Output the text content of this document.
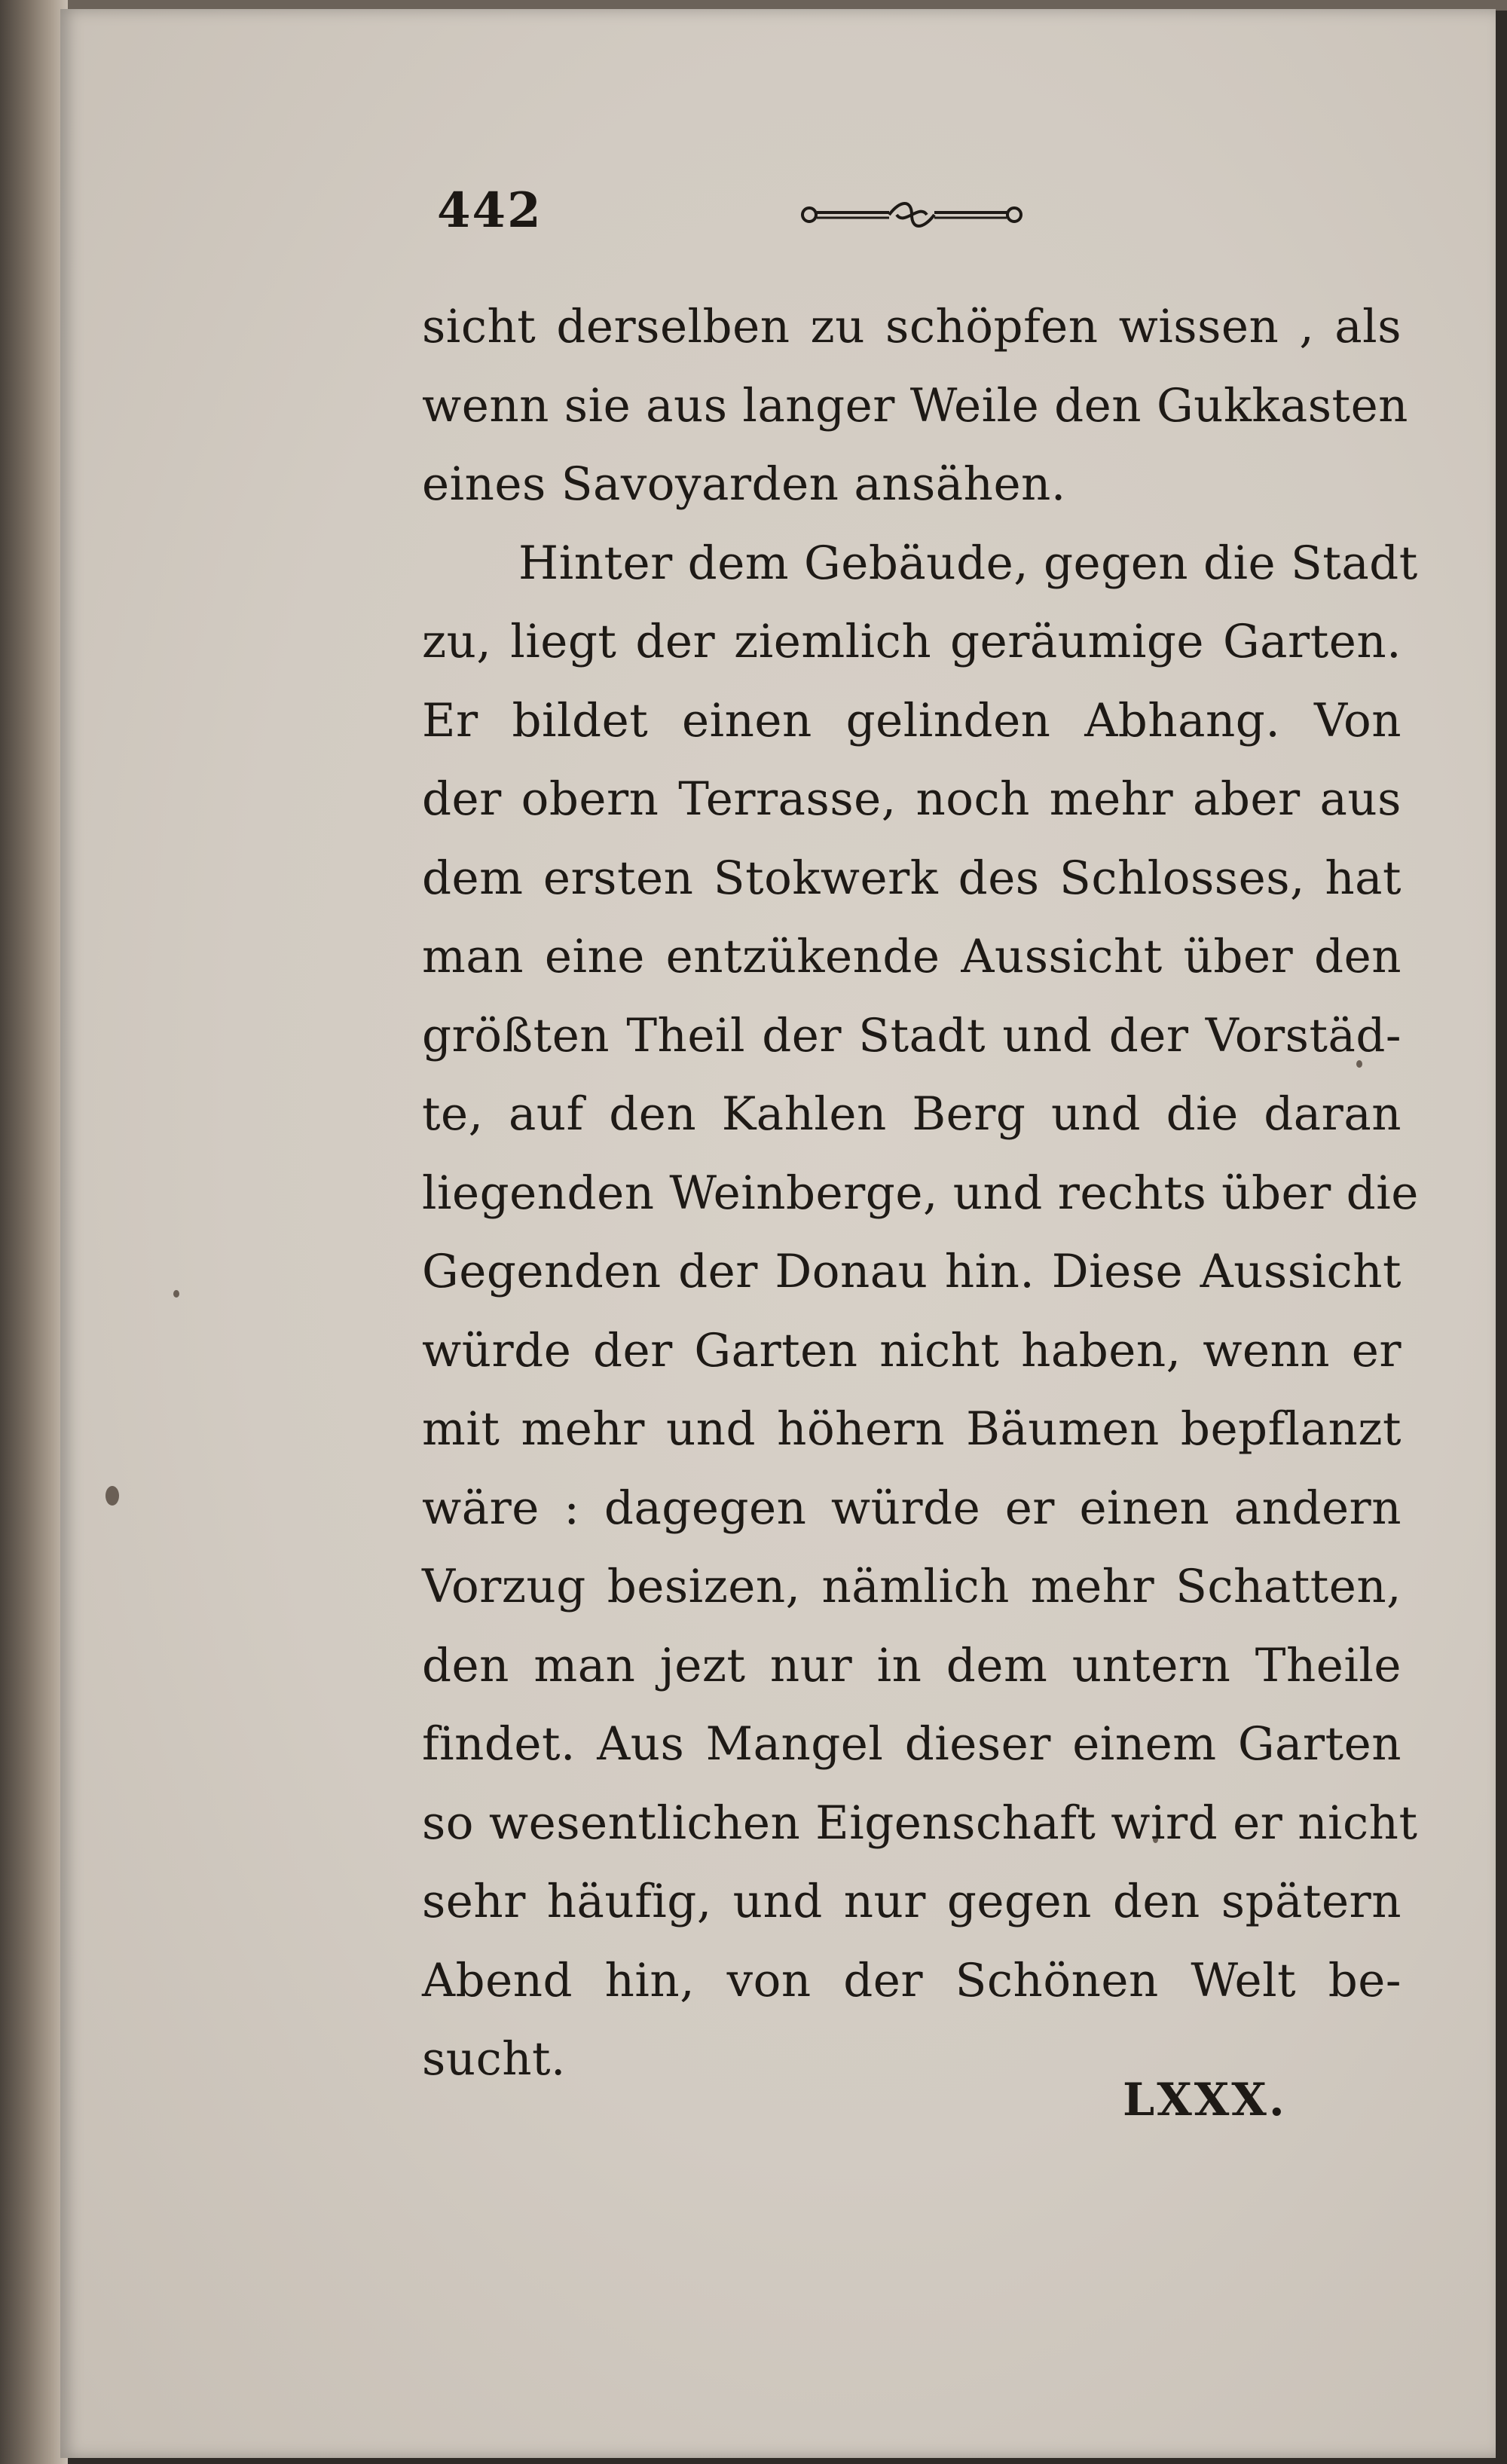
442
sicht derselben zu schöpfen wissen , als
wenn sie aus langer Weile den Gukkasten
eines Savoyarden ansähen.
Hinter dem Gebäude, gegen die Stadt
zu, liegt der ziemlich geräumige Garten.
Er bildet einen gelinden Abhang. Von
der obern Terrasse, noch mehr aber aus
dem ersten Stokwerk des Schlosses, hat
man eine entzükende Aussicht über den
größten Theil der Stadt und der Vorstäd-
te, auf den Kahlen Berg und die daran
liegenden Weinberge, und rechts über die
Gegenden der Donau hin. Diese Aussicht
würde der Garten nicht haben, wenn er
mit mehr und höhern Bäumen bepflanzt
wäre : dagegen würde er einen andern
Vorzug besizen, nämlich mehr Schatten,
den man jezt nur in dem untern Theile
findet. Aus Mangel dieser einem Garten
so wesentlichen Eigenschaft wird er nicht
sehr häufig, und nur gegen den spätern
Abend hin, von der Schönen Welt be-
sucht.
LXXX.
